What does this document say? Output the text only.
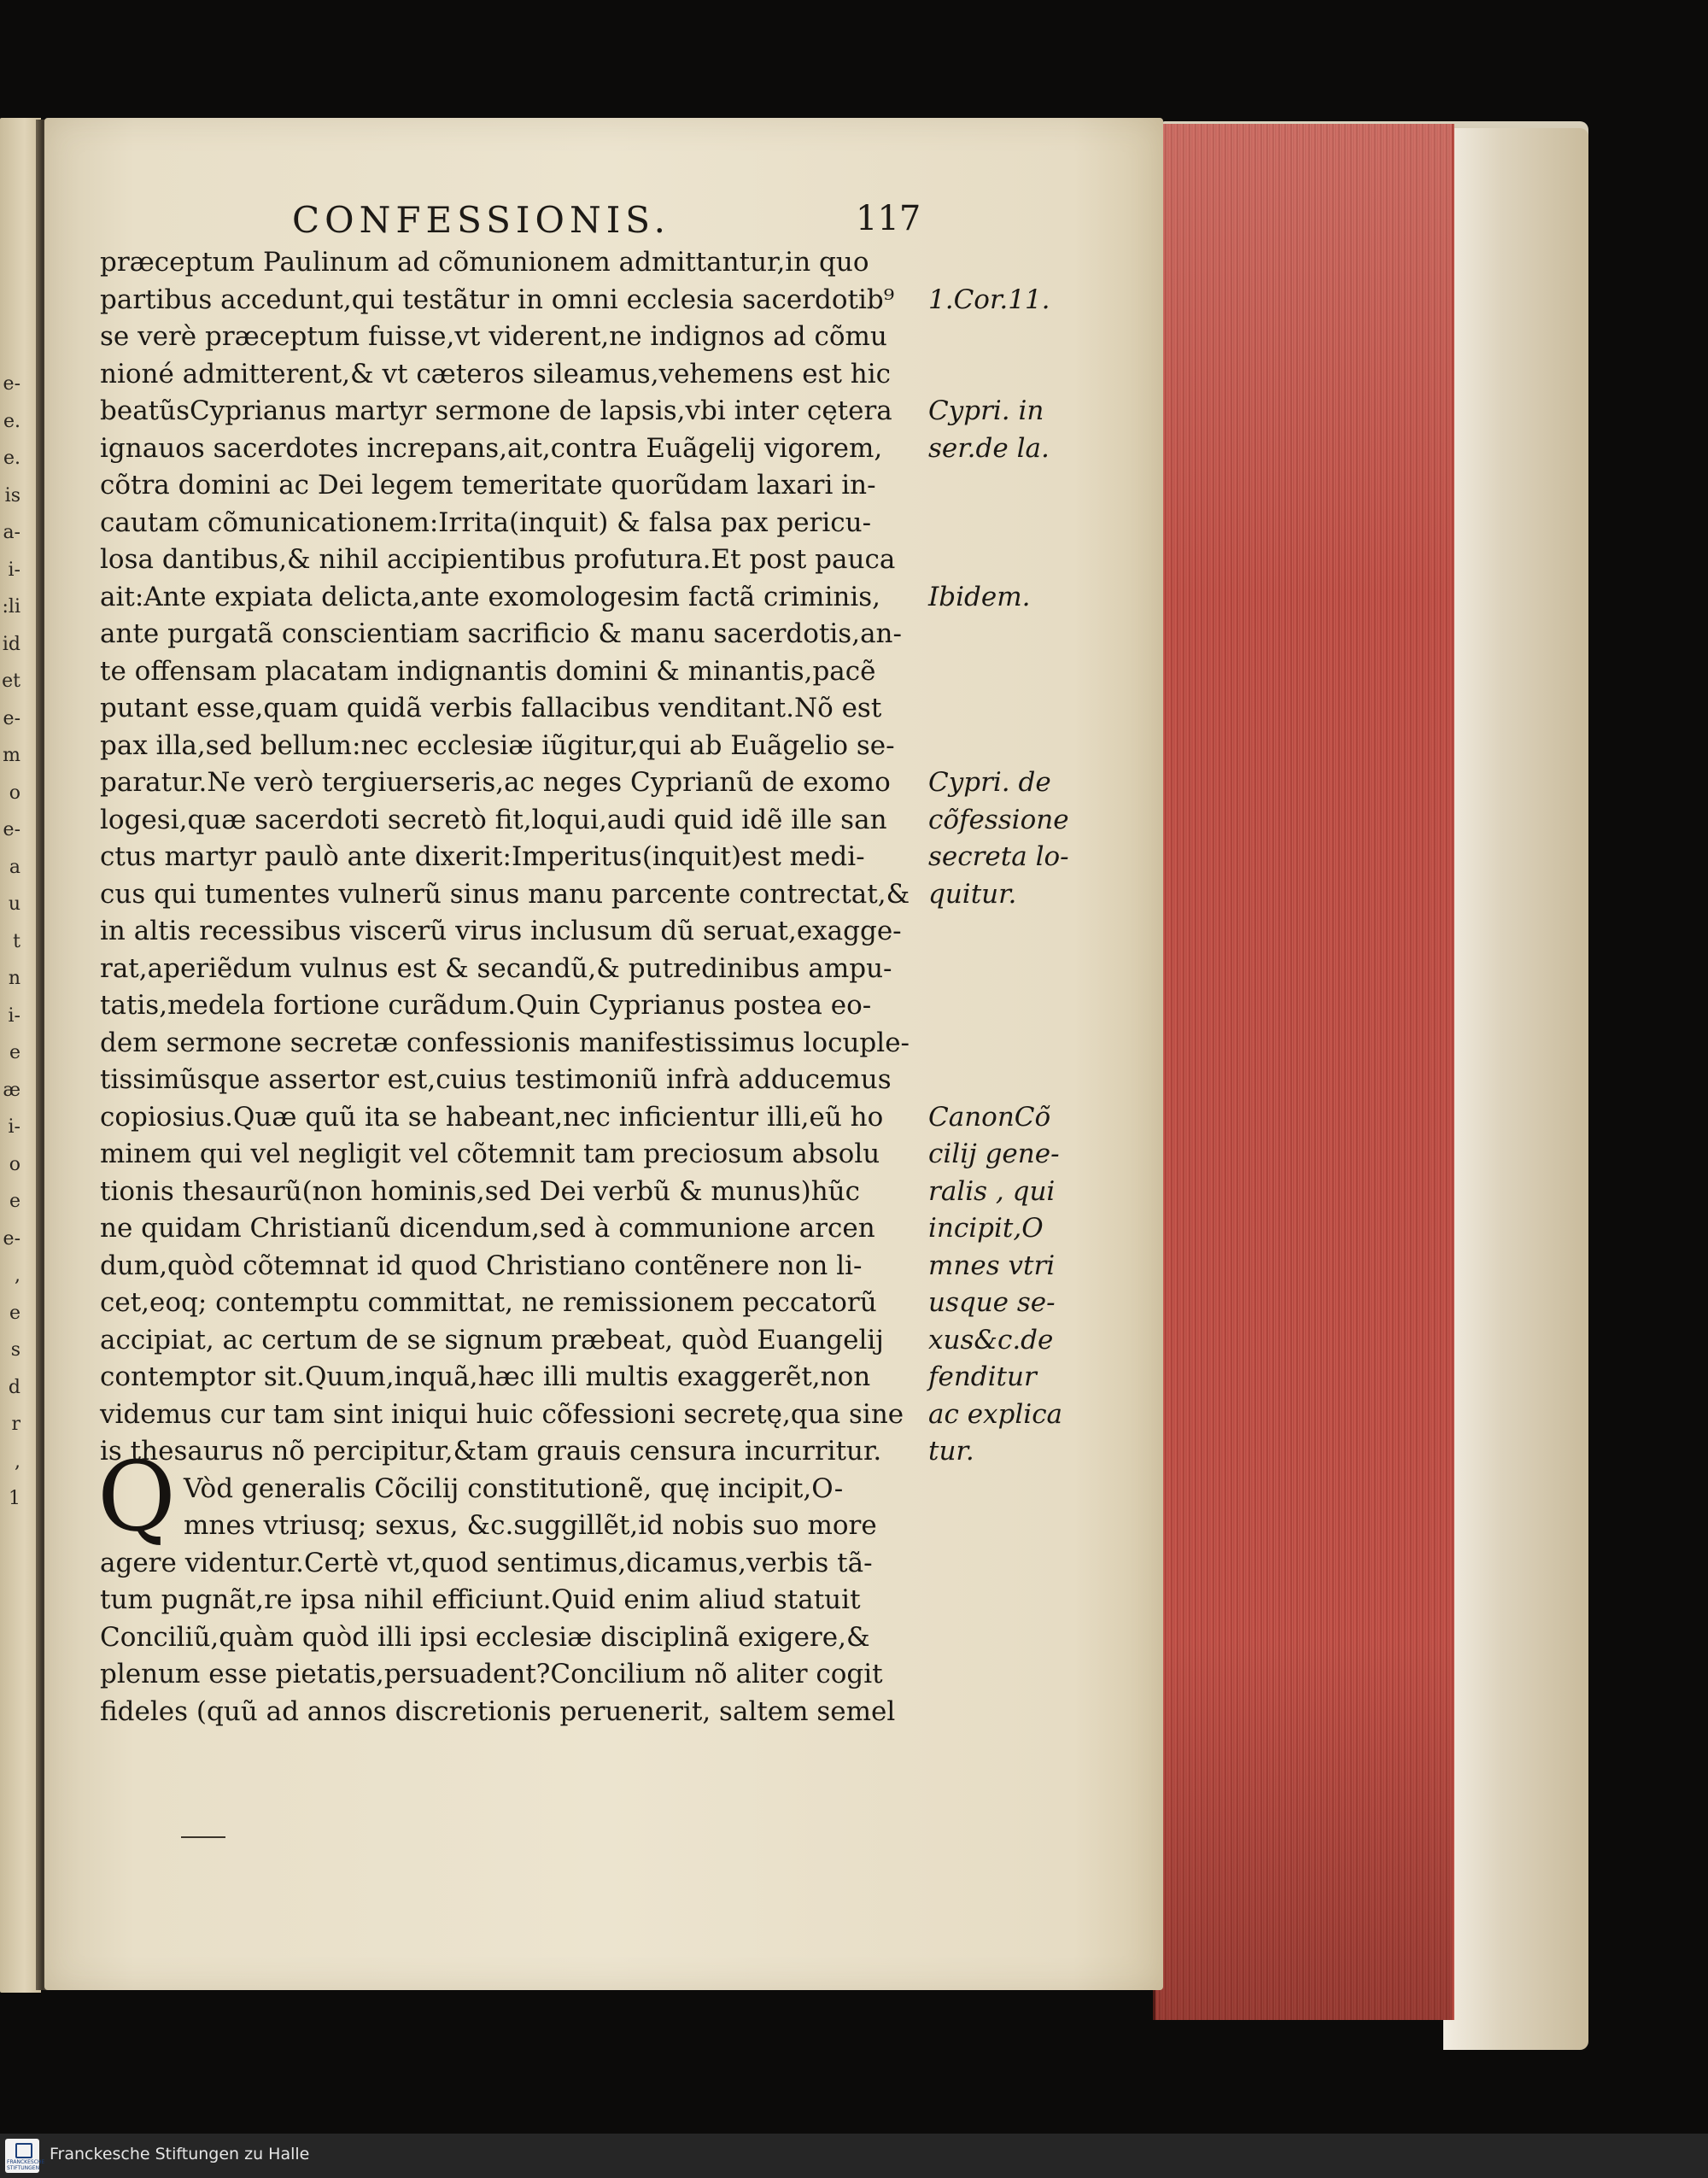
e-
e.
e.
is
a-
i-
:li
id
et
e-
m
o
e-
a
u
t
n
i-
e
æ
i-
o
e
e-
,
e
s
d
r
,
1
CONFESSIONIS.	117
præceptum Paulinum ad cõmunionem admittantur,in quo
partibus accedunt,qui testãtur in omni ecclesia sacerdotib⁹
se verè præceptum fuisse,vt viderent,ne indignos ad cõmu
nioné admitterent,& vt cæteros sileamus,vehemens est hic
beatũsCyprianus martyr sermone de lapsis,vbi inter cętera
ignauos sacerdotes increpans,ait,contra Euãgelij vigorem,
cõtra domini ac Dei legem temeritate quorũdam laxari in-
cautam cõmunicationem:Irrita(inquit) & falsa pax pericu-
losa dantibus,& nihil accipientibus profutura.Et post pauca
ait:Ante expiata delicta,ante exomologesim factã criminis,
ante purgatã conscientiam sacrificio & manu sacerdotis,an-
te offensam placatam indignantis domini & minantis,pacẽ
putant esse,quam quidã verbis fallacibus venditant.Nõ est
pax illa,sed bellum:nec ecclesiæ iũgitur,qui ab Euãgelio se-
paratur.Ne verò tergiuerseris,ac neges Cyprianũ de exomo
logesi,quæ sacerdoti secretò fit,loqui,audi quid idẽ ille san
ctus martyr paulò ante dixerit:Imperitus(inquit)est medi-
cus qui tumentes vulnerũ sinus manu parcente contrectat,&
in altis recessibus viscerũ virus inclusum dũ seruat,exagge-
rat,aperiẽdum vulnus est & secandũ,& putredinibus ampu-
tatis,medela fortione curãdum.Quin Cyprianus postea eo-
dem sermone secretæ confessionis manifestissimus locuple-
tissimũsque assertor est,cuius testimoniũ infrà adducemus
copiosius.Quæ quũ ita se habeant,nec inficientur illi,eũ ho
minem qui vel negligit vel cõtemnit tam preciosum absolu
tionis thesaurũ(non hominis,sed Dei verbũ & munus)hũc
ne quidam Christianũ dicendum,sed à communione arcen
dum,quòd cõtemnat id quod Christiano contẽnere non li-
cet,eoq; contemptu committat, ne remissionem peccatorũ
accipiat, ac certum de se signum præbeat, quòd Euangelij
contemptor sit.Quum,inquã,hæc illi multis exaggerẽt,non
videmus cur tam sint iniqui huic cõfessioni secretę,qua sine
is thesaurus nõ percipitur,&tam grauis censura incurritur.
Vòd generalis Cõcilij constitutionẽ, quę incipit,O-
mnes vtriusq; sexus, &c.suggillẽt,id nobis suo more
agere videntur.Certè vt,quod sentimus,dicamus,verbis tã-
tum pugnãt,re ipsa nihil efficiunt.Quid enim aliud statuit
Conciliũ,quàm quòd illi ipsi ecclesiæ disciplinã exigere,&
plenum esse pietatis,persuadent?Concilium nõ aliter cogit
fideles (quũ ad annos discretionis peruenerit, saltem semel
Q
1.Cor.11.
Cypri. in
ser.de la.
Ibidem.
Cypri. de
cõfessione
secreta lo-
quitur.
CanonCõ
cilij gene-
ralis , qui
incipit,O
mnes vtri
usque se-
xus&c.de
fenditur
ac explica
tur.
FRANCKESCHE STIFTUNGEN
Franckesche Stiftungen zu Halle
